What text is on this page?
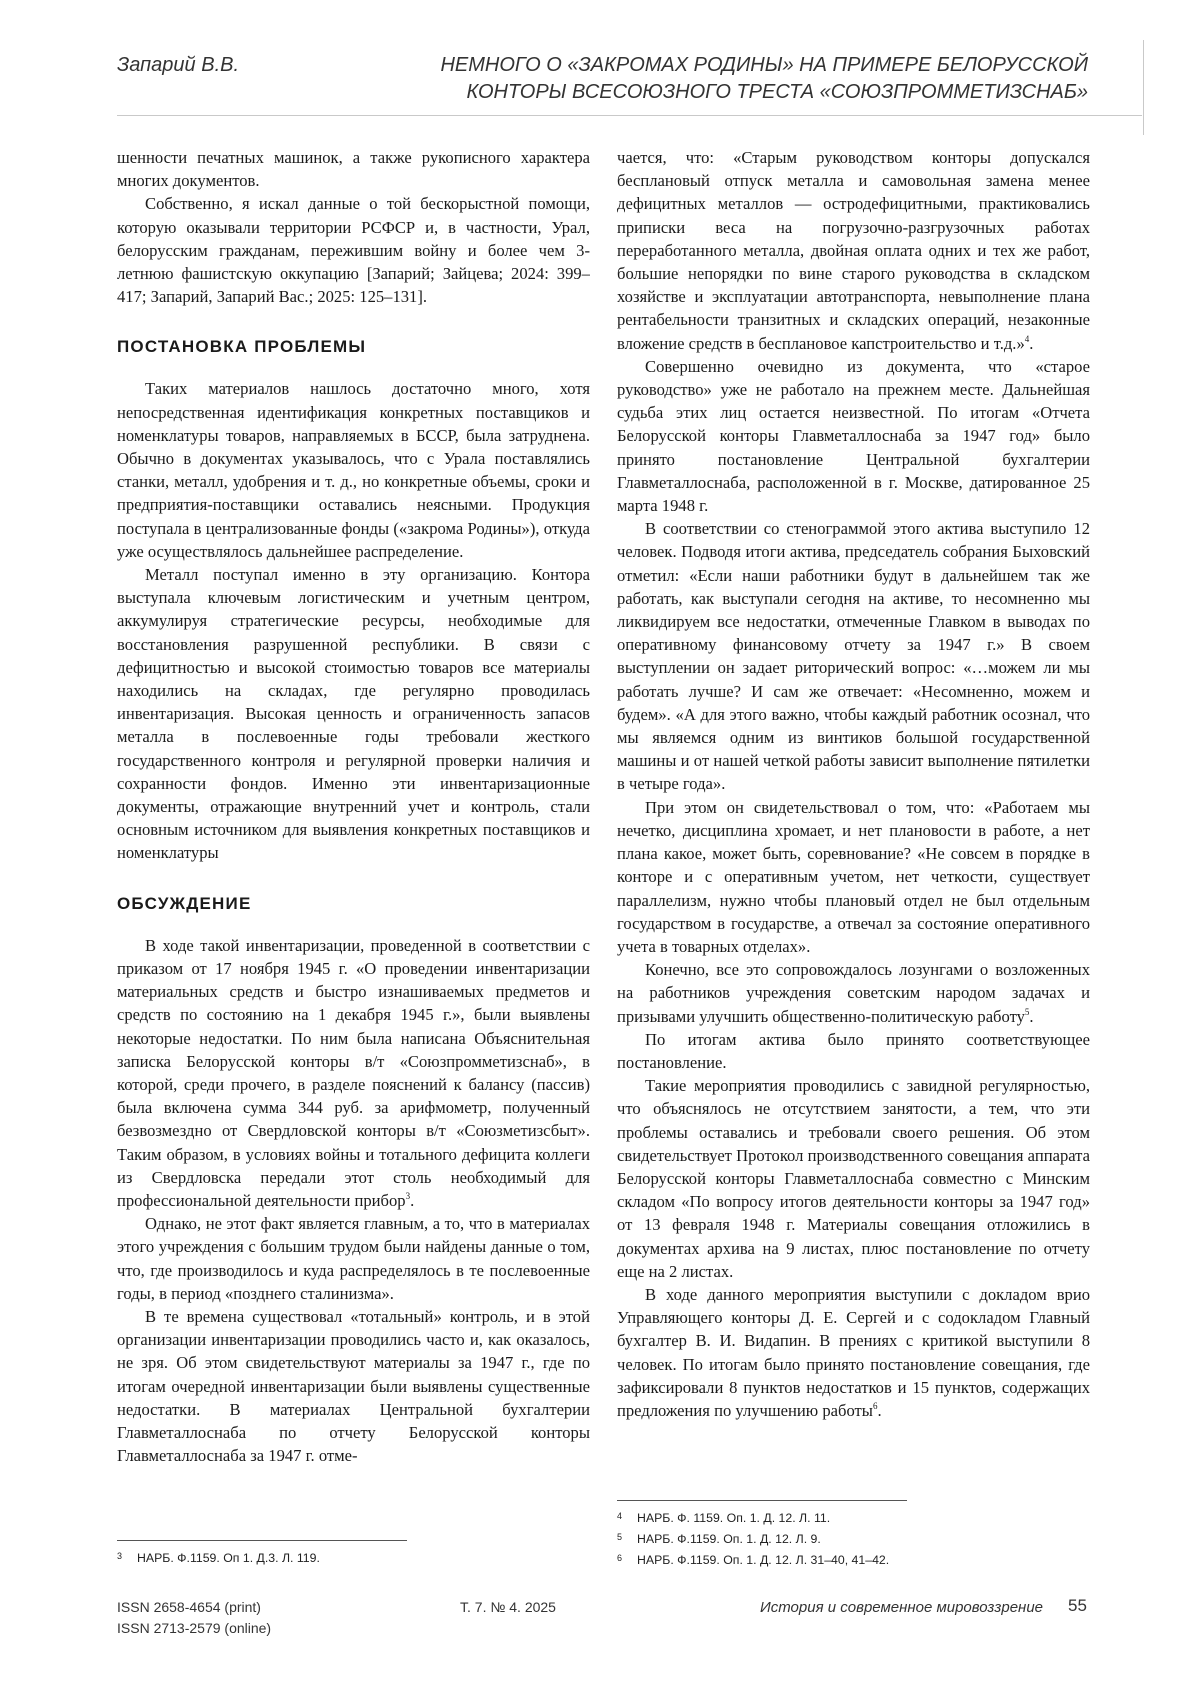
Запарий В.В.	НЕМНОГО О «ЗАКРОМАХ РОДИНЫ» НА ПРИМЕРЕ БЕЛОРУССКОЙ
КОНТОРЫ ВСЕСОЮЗНОГО ТРЕСТА «СОЮЗПРОММЕТИЗСНАБ»

шенности печатных машинок, а также рукописного характера многих документов.

Собственно, я искал данные о той бескорыстной помощи, которую оказывали территории РСФСР и, в частности, Урал, белорусским гражданам, пережившим войну и более чем 3-летнюю фашистскую оккупацию [Запарий; Зайцева; 2024: 399–417; Запарий, Запарий Вас.; 2025: 125–131].

ПОСТАНОВКА ПРОБЛЕМЫ

Таких материалов нашлось достаточно много, хотя непосредственная идентификация конкретных поставщиков и номенклатуры товаров, направляемых в БССР, была затруднена. Обычно в документах указывалось, что с Урала поставлялись станки, металл, удобрения и т. д., но конкретные объемы, сроки и предприятия-поставщики оставались неясными. Продукция поступала в централизованные фонды («закрома Родины»), откуда уже осуществлялось дальнейшее распределение.

Металл поступал именно в эту организацию. Контора выступала ключевым логистическим и учетным центром, аккумулируя стратегические ресурсы, необходимые для восстановления разрушенной республики. В связи с дефицитностью и высокой стоимостью товаров все материалы находились на складах, где регулярно проводилась инвентаризация. Высокая ценность и ограниченность запасов металла в послевоенные годы требовали жесткого государственного контроля и регулярной проверки наличия и сохранности фондов. Именно эти инвентаризационные документы, отражающие внутренний учет и контроль, стали основным источником для выявления конкретных поставщиков и номенклатуры

ОБСУЖДЕНИЕ

В ходе такой инвентаризации, проведенной в соответствии с приказом от 17 ноября 1945 г. «О проведении инвентаризации материальных средств и быстро изнашиваемых предметов и средств по состоянию на 1 декабря 1945 г.», были выявлены некоторые недостатки. По ним была написана Объяснительная записка Белорусской конторы в/т «Союзпромметизснаб», в которой, среди прочего, в разделе пояснений к балансу (пассив) была включена сумма 344 руб. за арифмометр, полученный безвозмездно от Свердловской конторы в/т «Союзметизсбыт». Таким образом, в условиях войны и тотального дефицита коллеги из Свердловска передали этот столь необходимый для профессиональной деятельности прибор$^3$.

Однако, не этот факт является главным, а то, что в материалах этого учреждения с большим трудом были найдены данные о том, что, где производилось и куда распределялось в те послевоенные годы, в период «позднего сталинизма».

В те времена существовал «тотальный» контроль, и в этой организации инвентаризации проводились часто и, как оказалось, не зря. Об этом свидетельствуют материалы за 1947 г., где по итогам очередной инвентаризации были выявлены существенные недостатки. В материалах Центральной бухгалтерии Главметаллоснаба по отчету Белорусской конторы Главметаллоснаба за 1947 г. отме-

чается, что: «Старым руководством конторы допускался бесплановый отпуск металла и самовольная замена менее дефицитных металлов — остродефицитными, практиковались приписки веса на погрузочно-разгрузочных работах переработанного металла, двойная оплата одних и тех же работ, большие непорядки по вине старого руководства в складском хозяйстве и эксплуатации автотранспорта, невыполнение плана рентабельности транзитных и складских операций, незаконные вложение средств в бесплановое капстроительство и т.д.»$^4$.

Совершенно очевидно из документа, что «старое руководство» уже не работало на прежнем месте. Дальнейшая судьба этих лиц остается неизвестной. По итогам «Отчета Белорусской конторы Главметаллоснаба за 1947 год» было принято постановление Центральной бухгалтерии Главметаллоснаба, расположенной в г. Москве, датированное 25 марта 1948 г.

В соответствии со стенограммой этого актива выступило 12 человек. Подводя итоги актива, председатель собрания Быховский отметил: «Если наши работники будут в дальнейшем так же работать, как выступали сегодня на активе, то несомненно мы ликвидируем все недостатки, отмеченные Главком в выводах по оперативному финансовому отчету за 1947 г.» В своем выступлении он задает риторический вопрос: «…можем ли мы работать лучше? И сам же отвечает: «Несомненно, можем и будем». «А для этого важно, чтобы каждый работник осознал, что мы являемся одним из винтиков большой государственной машины и от нашей четкой работы зависит выполнение пятилетки в четыре года».

При этом он свидетельствовал о том, что: «Работаем мы нечетко, дисциплина хромает, и нет плановости в работе, а нет плана какое, может быть, соревнование? «Не совсем в порядке в конторе и с оперативным учетом, нет четкости, существует параллелизм, нужно чтобы плановый отдел не был отдельным государством в государстве, а отвечал за состояние оперативного учета в товарных отделах».

Конечно, все это сопровождалось лозунгами о возложенных на работников учреждения советским народом задачах и призывами улучшить общественно-политическую работу$^5$.

По итогам актива было принято соответствующее постановление.

Такие мероприятия проводились с завидной регулярностью, что объяснялось не отсутствием занятости, а тем, что эти проблемы оставались и требовали своего решения. Об этом свидетельствует Протокол производственного совещания аппарата Белорусской конторы Главметаллоснаба совместно с Минским складом «По вопросу итогов деятельности конторы за 1947 год» от 13 февраля 1948 г. Материалы совещания отложились в документах архива на 9 листах, плюс постановление по отчету еще на 2 листах.

В ходе данного мероприятия выступили с докладом врио Управляющего конторы Д. Е. Сергей и с содокладом Главный бухгалтер В. И. Видапин. В прениях с критикой выступили 8 человек. По итогам было принято постановление совещания, где зафиксировали 8 пунктов недостатков и 15 пунктов, содержащих предложения по улучшению работы$^6$.

3 НАРБ. Ф.1159. Оп 1. Д.3. Л. 119.
4 НАРБ. Ф. 1159. Оп. 1. Д. 12. Л. 11.
5 НАРБ. Ф.1159. Оп. 1. Д. 12. Л. 9.
6 НАРБ. Ф.1159. Оп. 1. Д. 12. Л. 31–40, 41–42.
ISSN 2658-4654 (print)
ISSN 2713-2579 (online)
Т. 7. № 4. 2025	История и современное мировоззрение 55
